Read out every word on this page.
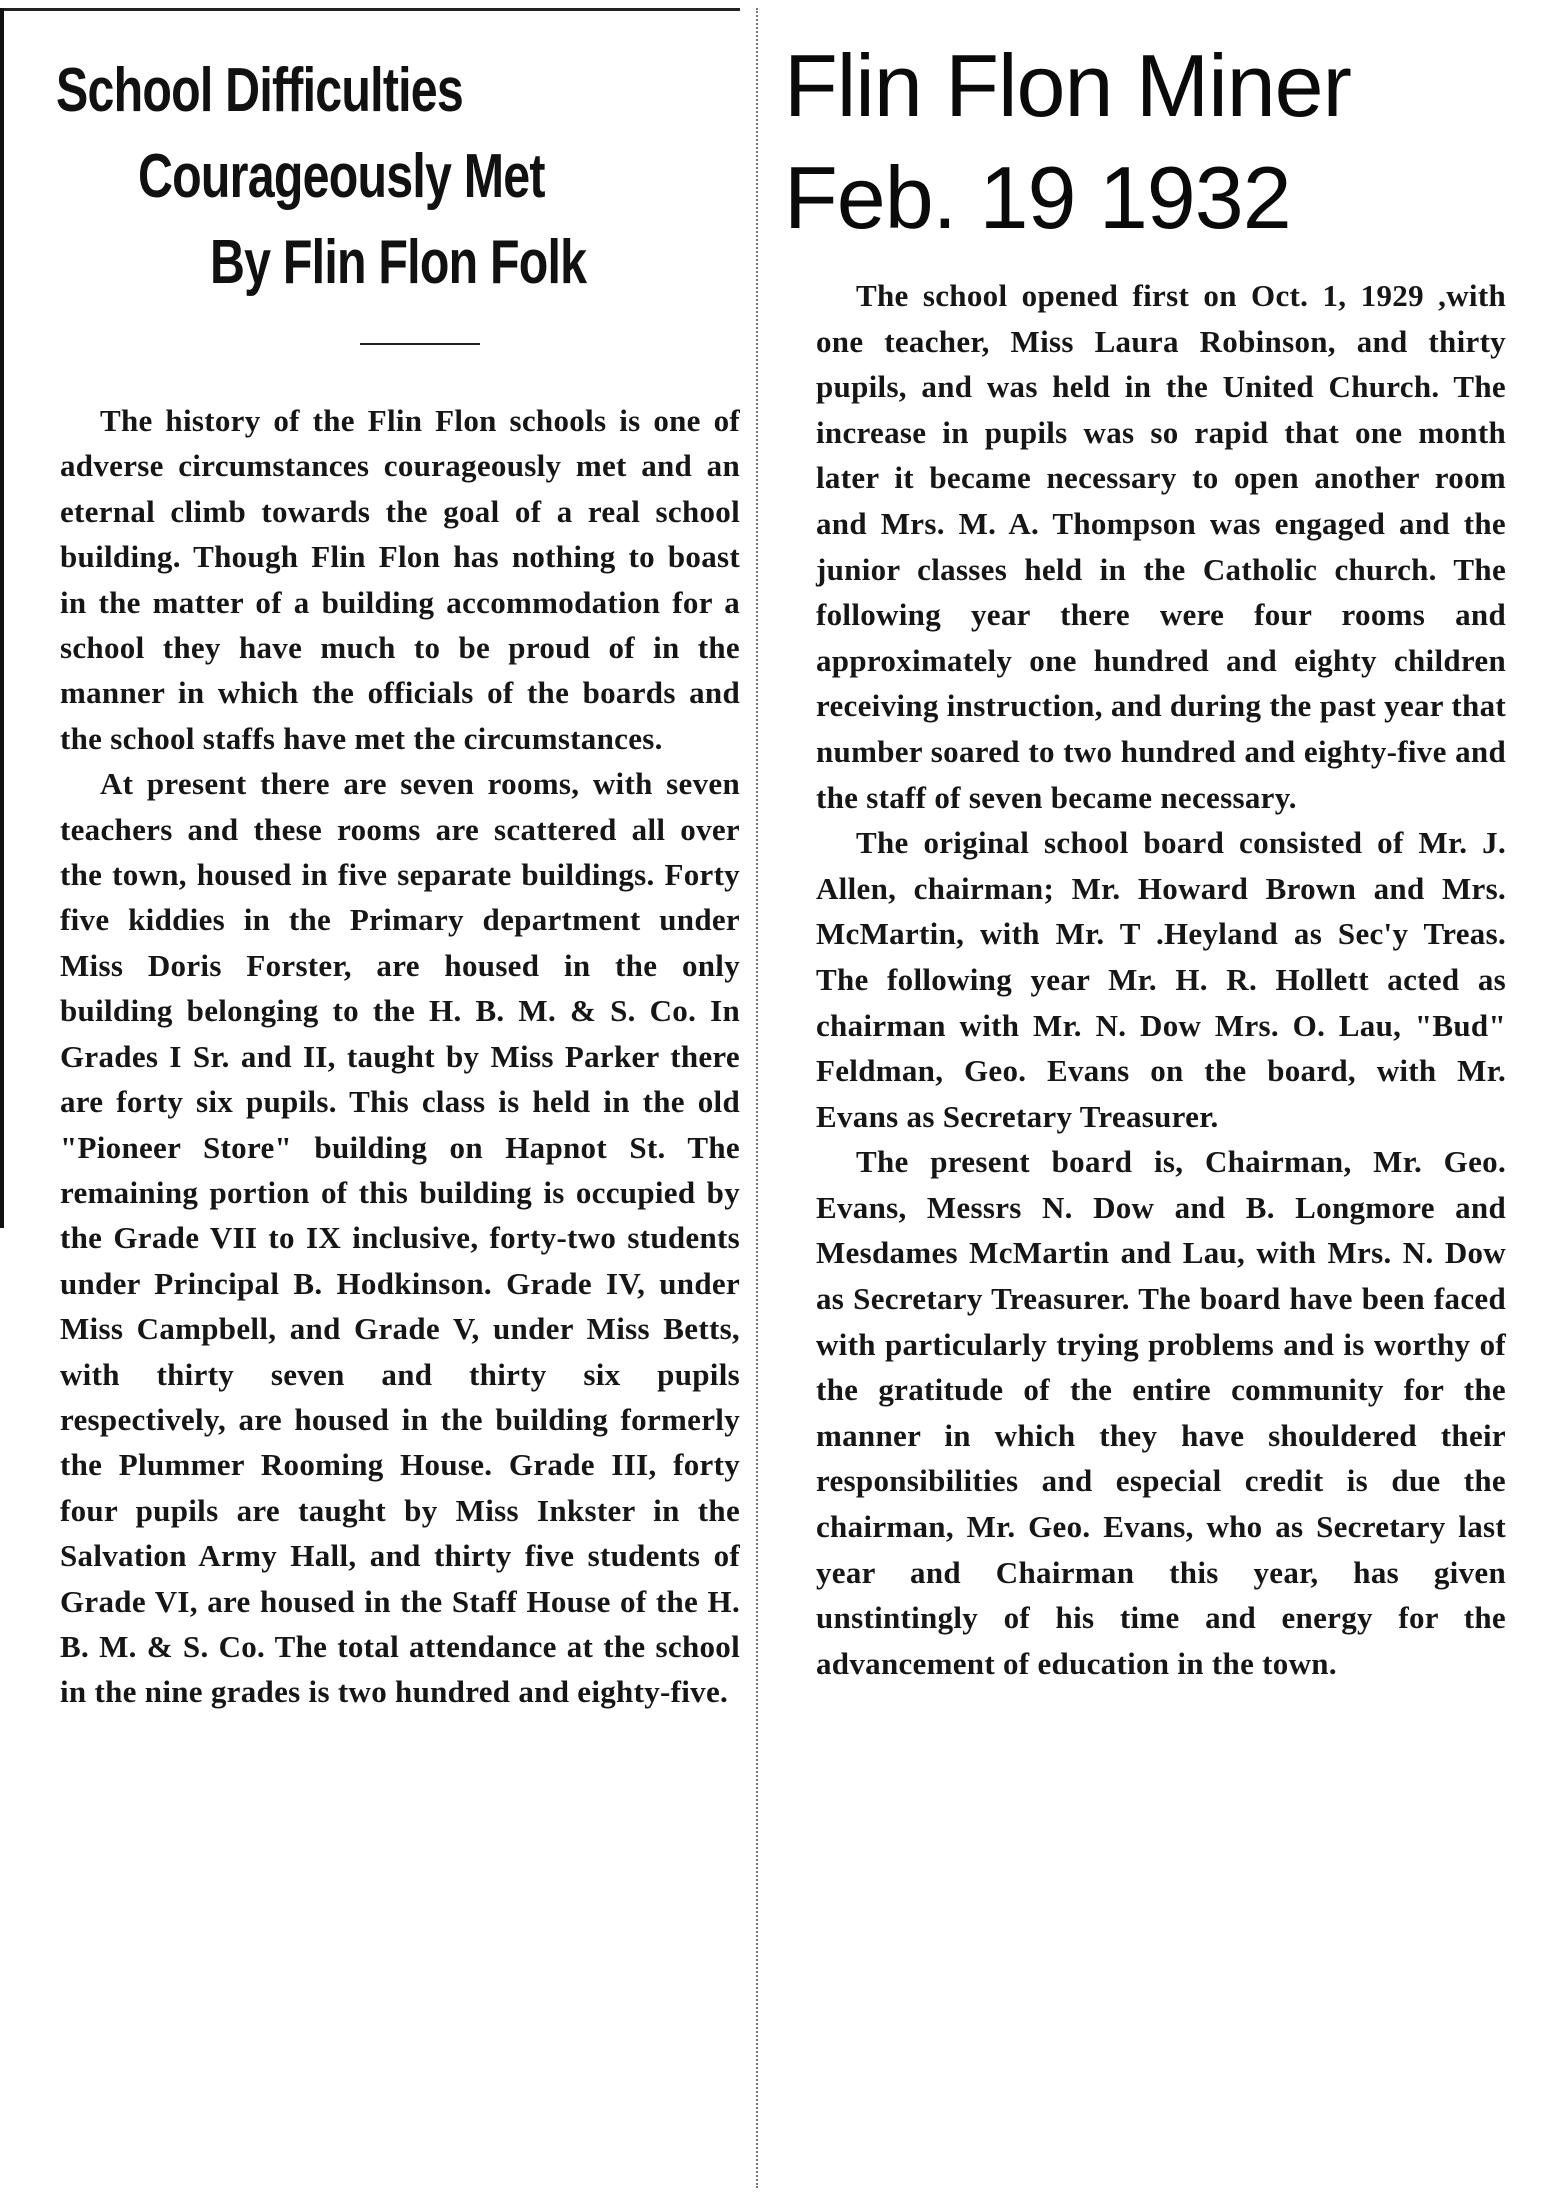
School Difficulties
Courageously Met
By Flin Flon Folk
Flin Flon Miner
Feb. 19 1932

The history of the Flin Flon schools is one of adverse circumstances courageously met and an eternal climb towards the goal of a real school building. Though Flin Flon has nothing to boast in the matter of a building accommodation for a school they have much to be proud of in the manner in which the officials of the boards and the school staffs have met the circumstances.

At present there are seven rooms, with seven teachers and these rooms are scattered all over the town, housed in five separate buildings. Forty five kiddies in the Primary department under Miss Doris Forster, are housed in the only building belonging to the H. B. M. & S. Co. In Grades I Sr. and II, taught by Miss Parker there are forty six pupils. This class is held in the old "Pioneer Store" building on Hapnot St. The remaining portion of this building is occupied by the Grade VII to IX inclusive, forty-two students under Principal B. Hodkinson. Grade IV, under Miss Campbell, and Grade V, under Miss Betts, with thirty seven and thirty six pupils respectively, are housed in the building formerly the Plummer Rooming House. Grade III, forty four pupils are taught by Miss Inkster in the Salvation Army Hall, and thirty five students of Grade VI, are housed in the Staff House of the H. B. M. & S. Co. The total attendance at the school in the nine grades is two hundred and eighty-five.

The school opened first on Oct. 1, 1929 ,with one teacher, Miss Laura Robinson, and thirty pupils, and was held in the United Church. The increase in pupils was so rapid that one month later it became necessary to open another room and Mrs. M. A. Thompson was engaged and the junior classes held in the Catholic church. The following year there were four rooms and approximately one hundred and eighty children receiving instruction, and during the past year that number soared to two hundred and eighty-five and the staff of seven became necessary.

The original school board consisted of Mr. J. Allen, chairman; Mr. Howard Brown and Mrs. McMartin, with Mr. T .Heyland as Sec'y Treas. The following year Mr. H. R. Hollett acted as chairman with Mr. N. Dow Mrs. O. Lau, "Bud" Feldman, Geo. Evans on the board, with Mr. Evans as Secretary Treasurer.

The present board is, Chairman, Mr. Geo. Evans, Messrs N. Dow and B. Longmore and Mesdames McMartin and Lau, with Mrs. N. Dow as Secretary Treasurer. The board have been faced with particularly trying problems and is worthy of the gratitude of the entire community for the manner in which they have shouldered their responsibilities and especial credit is due the chairman, Mr. Geo. Evans, who as Secretary last year and Chairman this year, has given unstintingly of his time and energy for the advancement of education in the town.
